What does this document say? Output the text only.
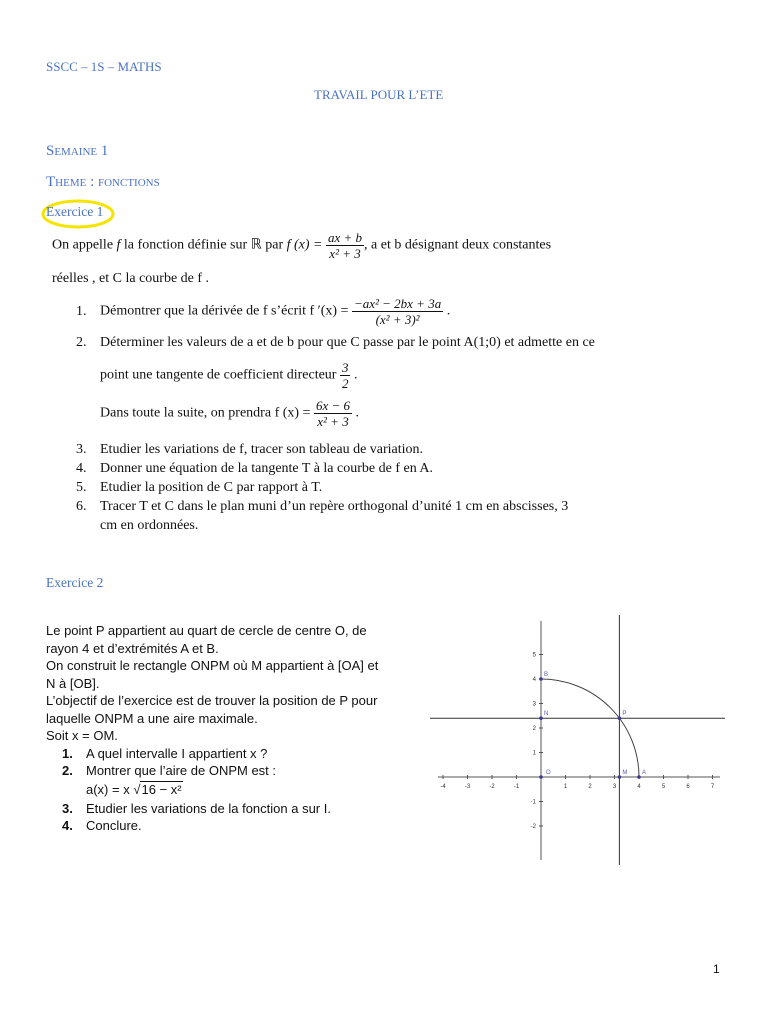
SSCC – 1S – MATHS
TRAVAIL POUR L’ETE
Semaine 1
Theme : fonctions
Exercice 1
On appelle f la fonction définie sur ℝ par f $(x) = \frac{ax + b}{\text{x² + 3}}$ , a et b désignant deux constantes
réelles , et C la courbe de f .
1. Démontrer que la dérivée de f s’écrit f $'(x) = \frac{\text{−ax² − 2bx + 3a}}{\text{(x² + 3)²}}$ .
2. Déterminer les valeurs de a et de b pour que C passe par le point A(1;0) et admette en ce
point une tangente de coefficient directeur $\frac{3}{2}$ .
Dans toute la suite, on prendra f $(x) = \frac{6x - 6}{\text{x² + 3}}$ .
3. Etudier les variations de f, tracer son tableau de variation.
4. Donner une équation de la tangente T à la courbe de f en A.
5. Etudier la position de C par rapport à T.
6. Tracer T et C dans le plan muni d’un repère orthogonal d’unité 1 cm en abscisses, 3
cm en ordonnées.
Exercice 2
Le point P appartient au quart de cercle de centre O, de
rayon 4 et d’extrémités A et B.
On construit le rectangle ONPM où M appartient à [OA] et
N à [OB].
L’objectif de l’exercice est de trouver la position de P pour
laquelle ONPM a une aire maximale.
Soit x = OM.
1. A quel intervalle I appartient x ?
2. Montrer que l’aire de ONPM est :
a(x) = x √16 − x²
3. Etudier les variations de la fonction a sur I.
4. Conclure.
-4	-3	-2	-1	1	2	3	4	5	6	7
5
4
3
2
1
-1
-2
O	A
B
M
N	P
1
